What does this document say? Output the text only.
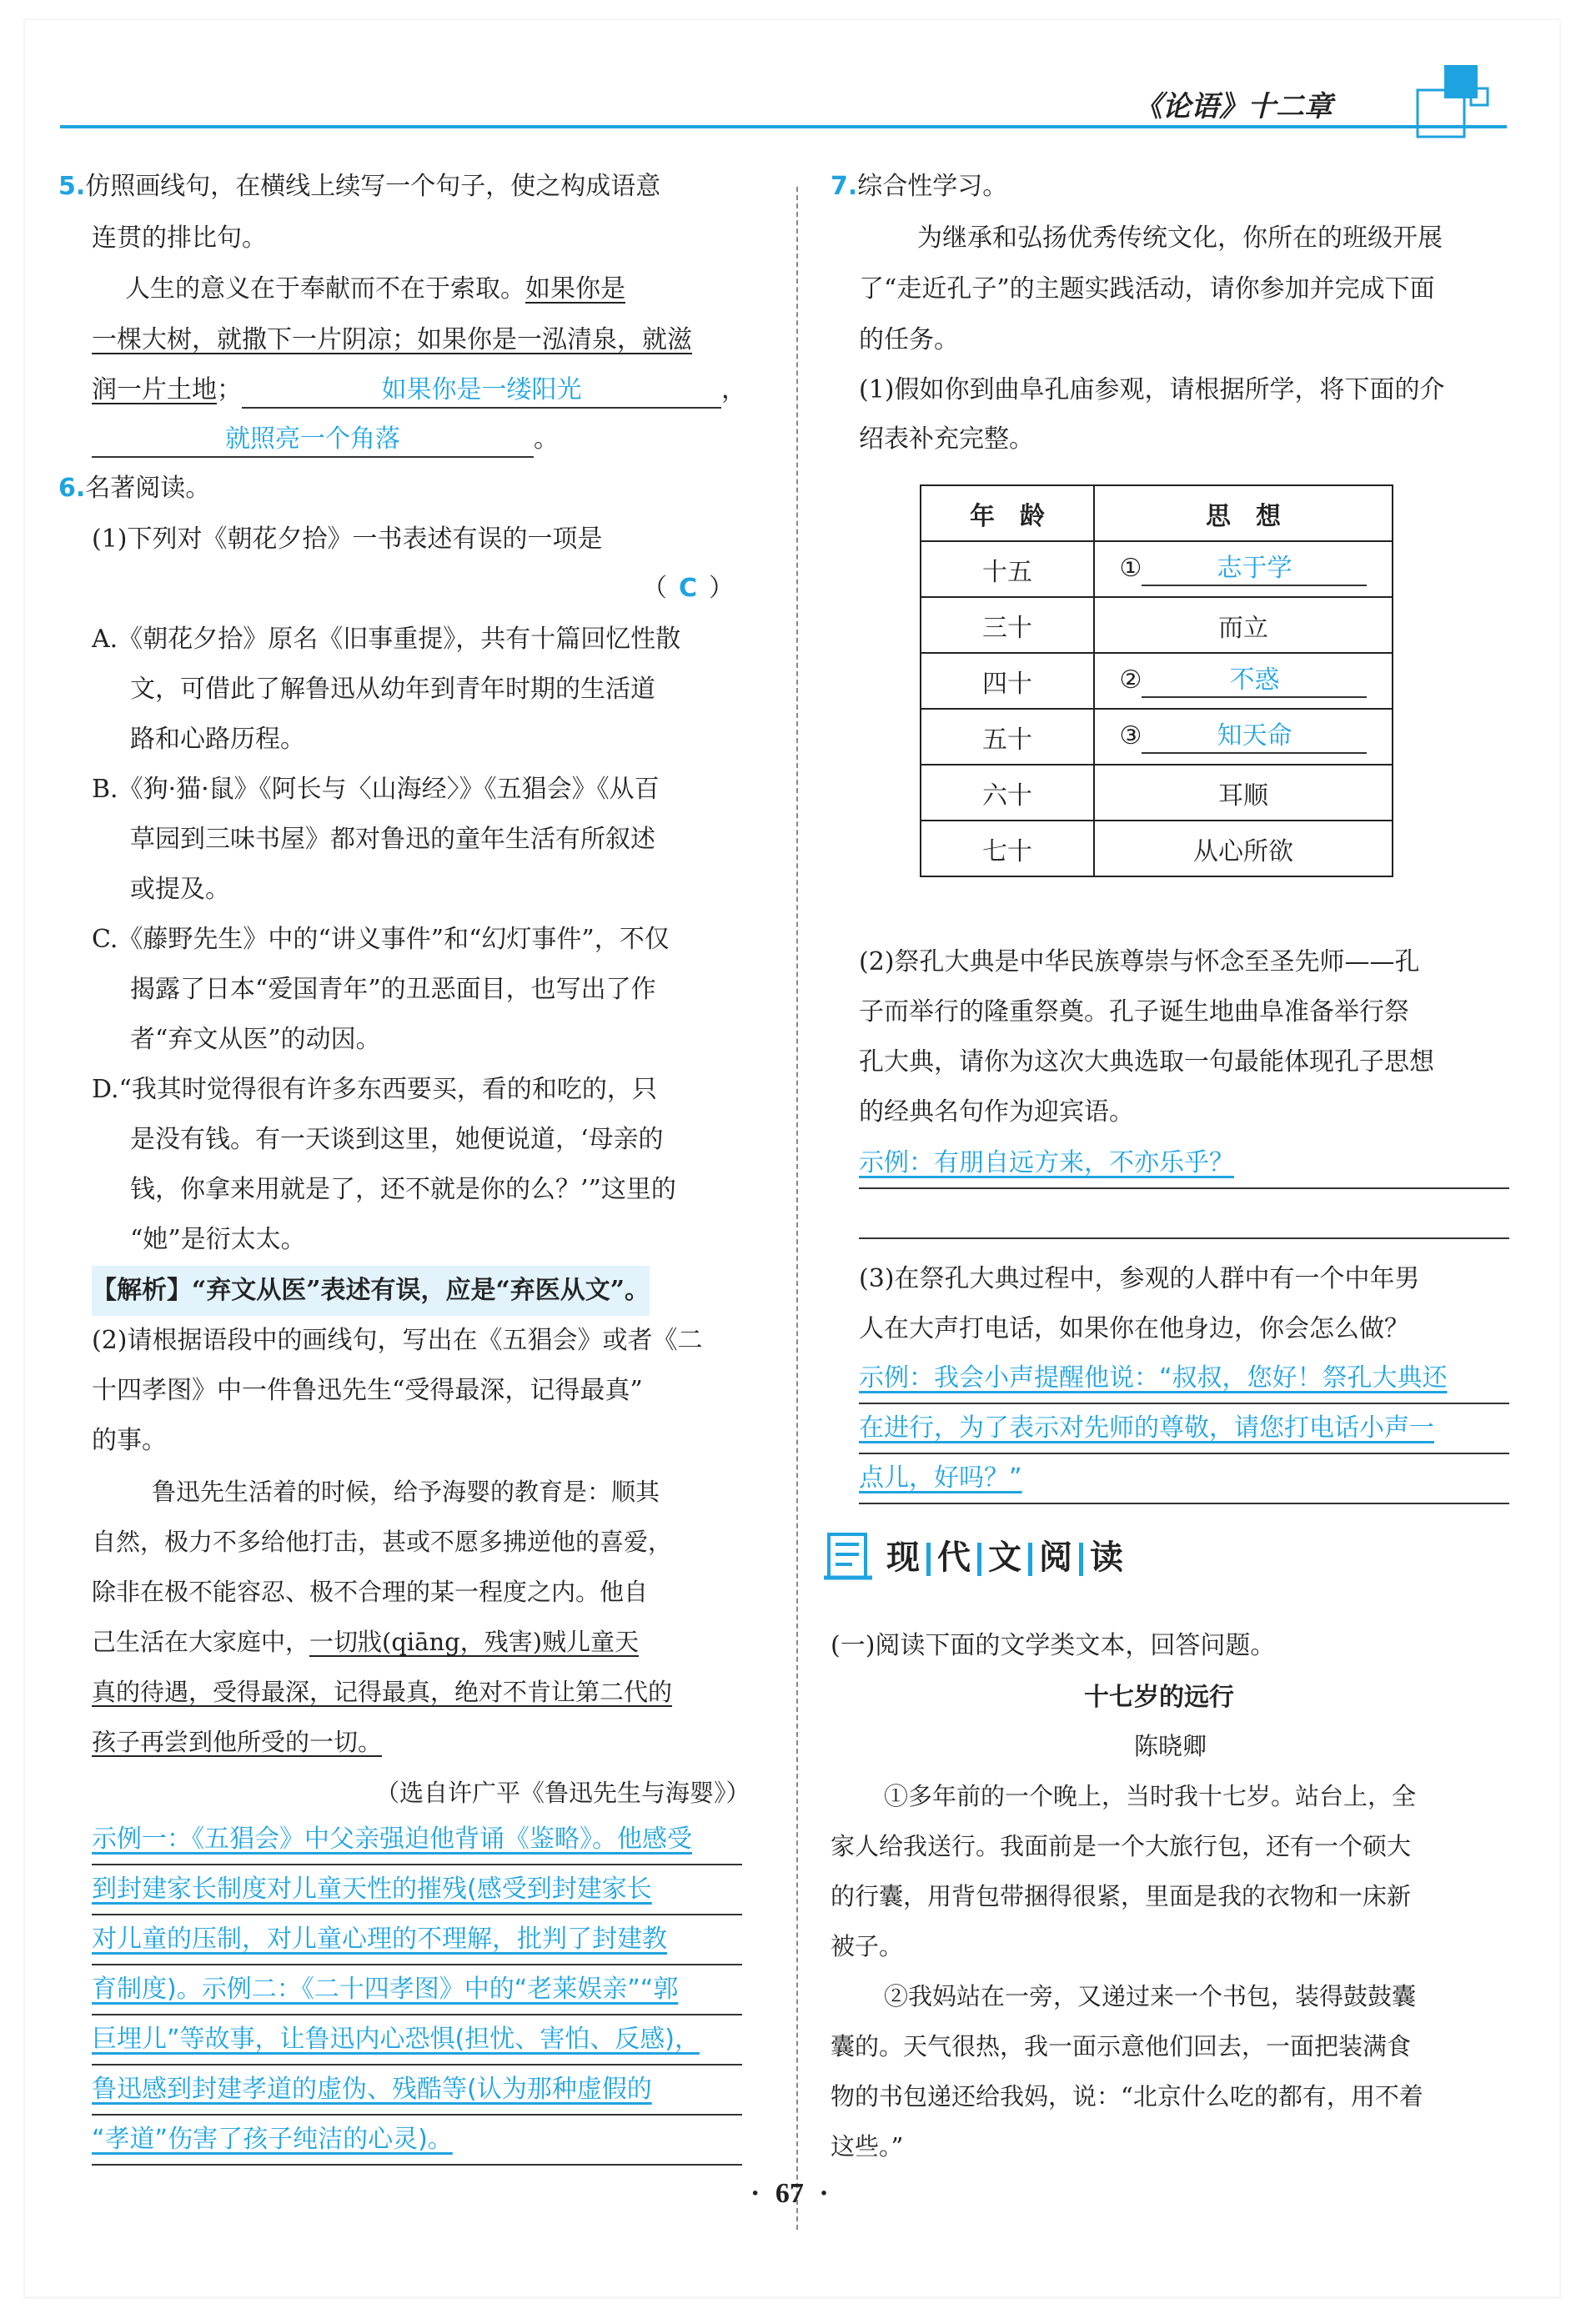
《论语》十二章
5.仿照画线句，在横线上续写一个句子，使之构成语意
连贯的排比句。
人生的意义在于奉献而不在于索取。如果你是
一棵大树，就撒下一片阴凉；如果你是一泓清泉，就滋
润一片土地；	如果你是一缕阳光	，
就照亮一个角落	。
6.名著阅读。
(1)下列对《朝花夕拾》一书表述有误的一项是
（ C ）
A.《朝花夕拾》原名《旧事重提》，共有十篇回忆性散
文，可借此了解鲁迅从幼年到青年时期的生活道
路和心路历程。
B.《狗·猫·鼠》《阿长与〈山海经〉》《五猖会》《从百
草园到三味书屋》都对鲁迅的童年生活有所叙述
或提及。
C.《藤野先生》中的“讲义事件”和“幻灯事件”，不仅
揭露了日本“爱国青年”的丑恶面目，也写出了作
者“弃文从医”的动因。
D.“我其时觉得很有许多东西要买，看的和吃的，只
是没有钱。有一天谈到这里，她便说道，‘母亲的
钱，你拿来用就是了，还不就是你的么？’”这里的
“她”是衍太太。
【解析】“弃文从医”表述有误，应是“弃医从文”。
(2)请根据语段中的画线句，写出在《五猖会》或者《二
十四孝图》中一件鲁迅先生“受得最深，记得最真”
的事。
鲁迅先生活着的时候，给予海婴的教育是：顺其
自然，极力不多给他打击，甚或不愿多拂逆他的喜爱，
除非在极不能容忍、极不合理的某一程度之内。他自
己生活在大家庭中，一切戕(qiāng，残害)贼儿童天
真的待遇，受得最深，记得最真，绝对不肯让第二代的
孩子再尝到他所受的一切。
（选自许广平《鲁迅先生与海婴》）
示例一：《五猖会》中父亲强迫他背诵《鉴略》。他感受
到封建家长制度对儿童天性的摧残(感受到封建家长
对儿童的压制，对儿童心理的不理解，批判了封建教
育制度)。示例二：《二十四孝图》中的“老莱娱亲”“郭
巨埋儿”等故事，让鲁迅内心恐惧(担忧、害怕、反感)，
鲁迅感到封建孝道的虚伪、残酷等(认为那种虚假的
“孝道”伤害了孩子纯洁的心灵)。
7.综合性学习。
为继承和弘扬优秀传统文化，你所在的班级开展
了“走近孔子”的主题实践活动，请你参加并完成下面
的任务。
(1)假如你到曲阜孔庙参观，请根据所学，将下面的介
绍表补充完整。
年　龄	思　想
十五	① 志于学
三十	而立
四十	② 不惑
五十	③ 知天命
六十	耳顺
七十	从心所欲
(2)祭孔大典是中华民族尊崇与怀念至圣先师——孔
子而举行的隆重祭奠。孔子诞生地曲阜准备举行祭
孔大典，请你为这次大典选取一句最能体现孔子思想
的经典名句作为迎宾语。
示例：有朋自远方来，不亦乐乎？
(3)在祭孔大典过程中，参观的人群中有一个中年男
人在大声打电话，如果你在他身边，你会怎么做？
示例：我会小声提醒他说：“叔叔，您好！祭孔大典还
在进行，为了表示对先师的尊敬，请您打电话小声一
点儿，好吗？”
现 代 文 阅 读
(一)阅读下面的文学类文本，回答问题。
十七岁的远行
陈晓卿
①多年前的一个晚上，当时我十七岁。站台上，全
家人给我送行。我面前是一个大旅行包，还有一个硕大
的行囊，用背包带捆得很紧，里面是我的衣物和一床新
被子。
②我妈站在一旁，又递过来一个书包，装得鼓鼓囊
囊的。天气很热，我一面示意他们回去，一面把装满食
物的书包递还给我妈，说：“北京什么吃的都有，用不着
这些。”
· 67 ·
